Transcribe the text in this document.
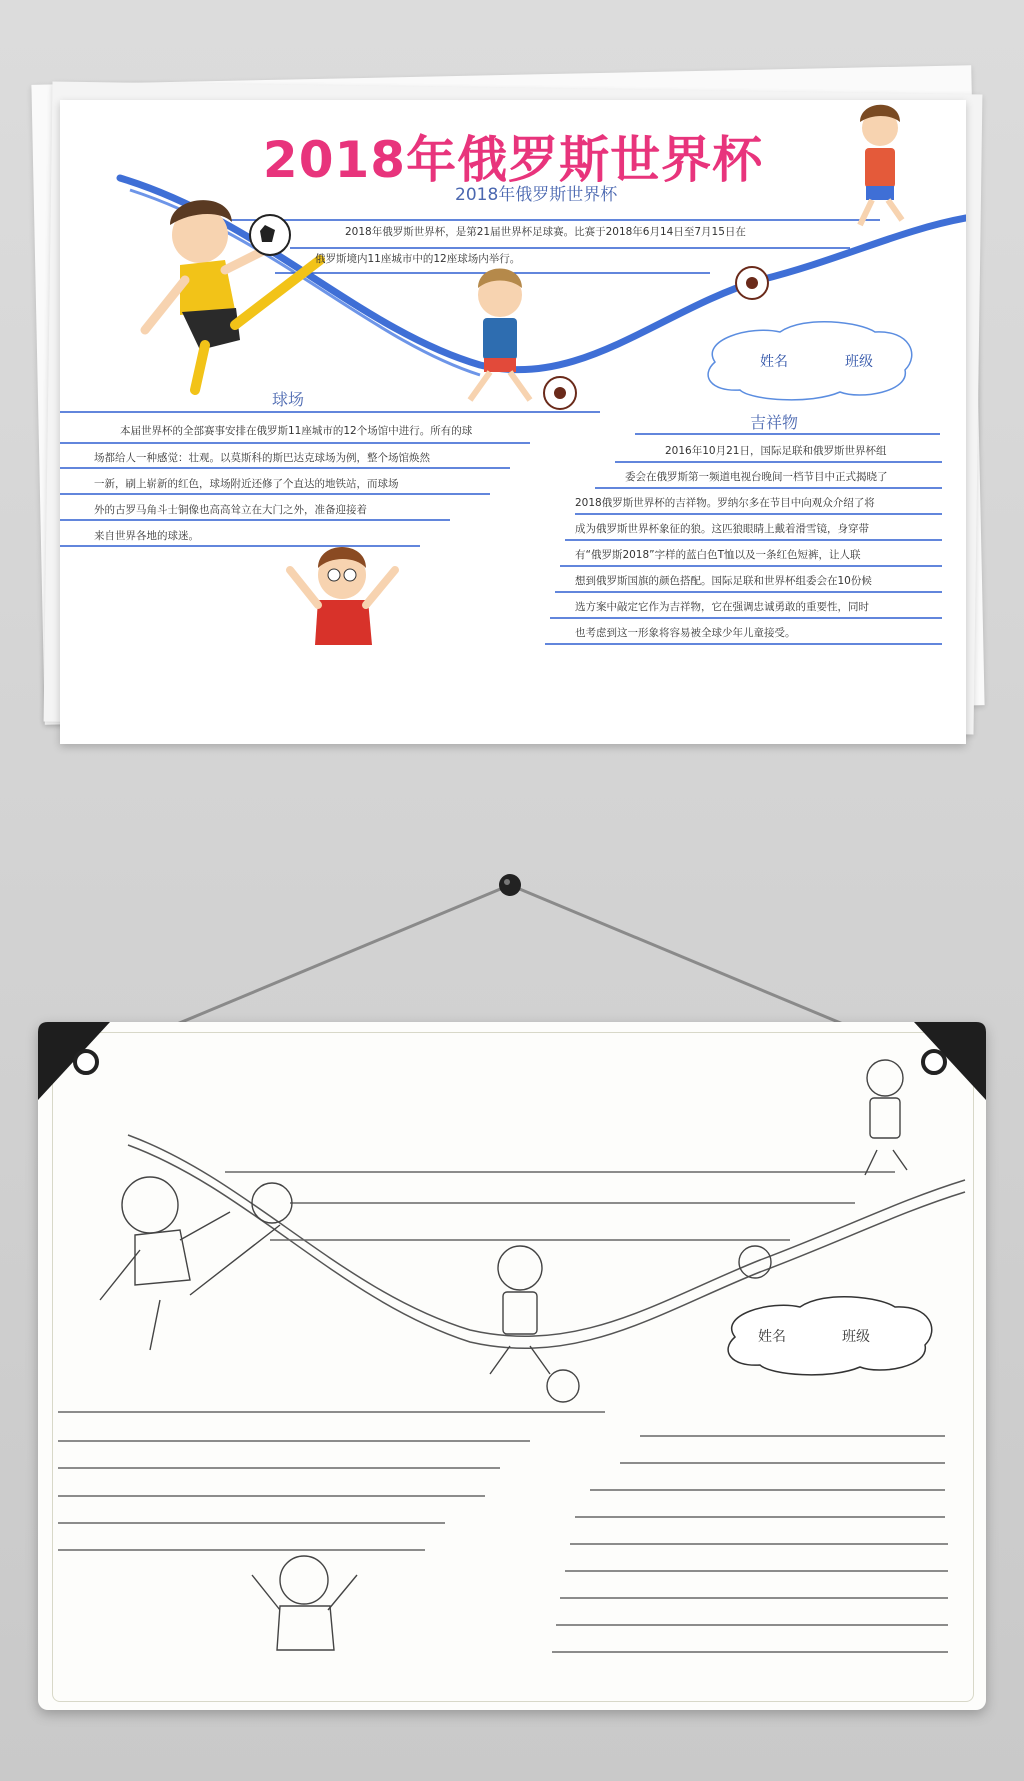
2018年俄罗斯世界杯
2018年俄罗斯世界杯
2018年俄罗斯世界杯，是第21届世界杯足球赛。比赛于2018年6月14日至7月15日在
俄罗斯境内11座城市中的12座球场内举行。
球场
本届世界杯的全部赛事安排在俄罗斯11座城市的12个场馆中进行。所有的球
场都给人一种感觉：壮观。以莫斯科的斯巴达克球场为例，整个场馆焕然
一新，刷上崭新的红色，球场附近还修了个直达的地铁站，而球场
外的古罗马角斗士铜像也高高耸立在大门之外，准备迎接着
来自世界各地的球迷。
吉祥物
2016年10月21日，国际足联和俄罗斯世界杯组
委会在俄罗斯第一频道电视台晚间一档节目中正式揭晓了
2018俄罗斯世界杯的吉祥物。罗纳尔多在节目中向观众介绍了将
成为俄罗斯世界杯象征的狼。这匹狼眼睛上戴着滑雪镜，身穿带
有“俄罗斯2018”字样的蓝白色T恤以及一条红色短裤，让人联
想到俄罗斯国旗的颜色搭配。国际足联和世界杯组委会在10份候
选方案中敲定它作为吉祥物，它在强调忠诚勇敢的重要性，同时
也考虑到这一形象将容易被全球少年儿童接受。
姓名	班级
姓名	班级
